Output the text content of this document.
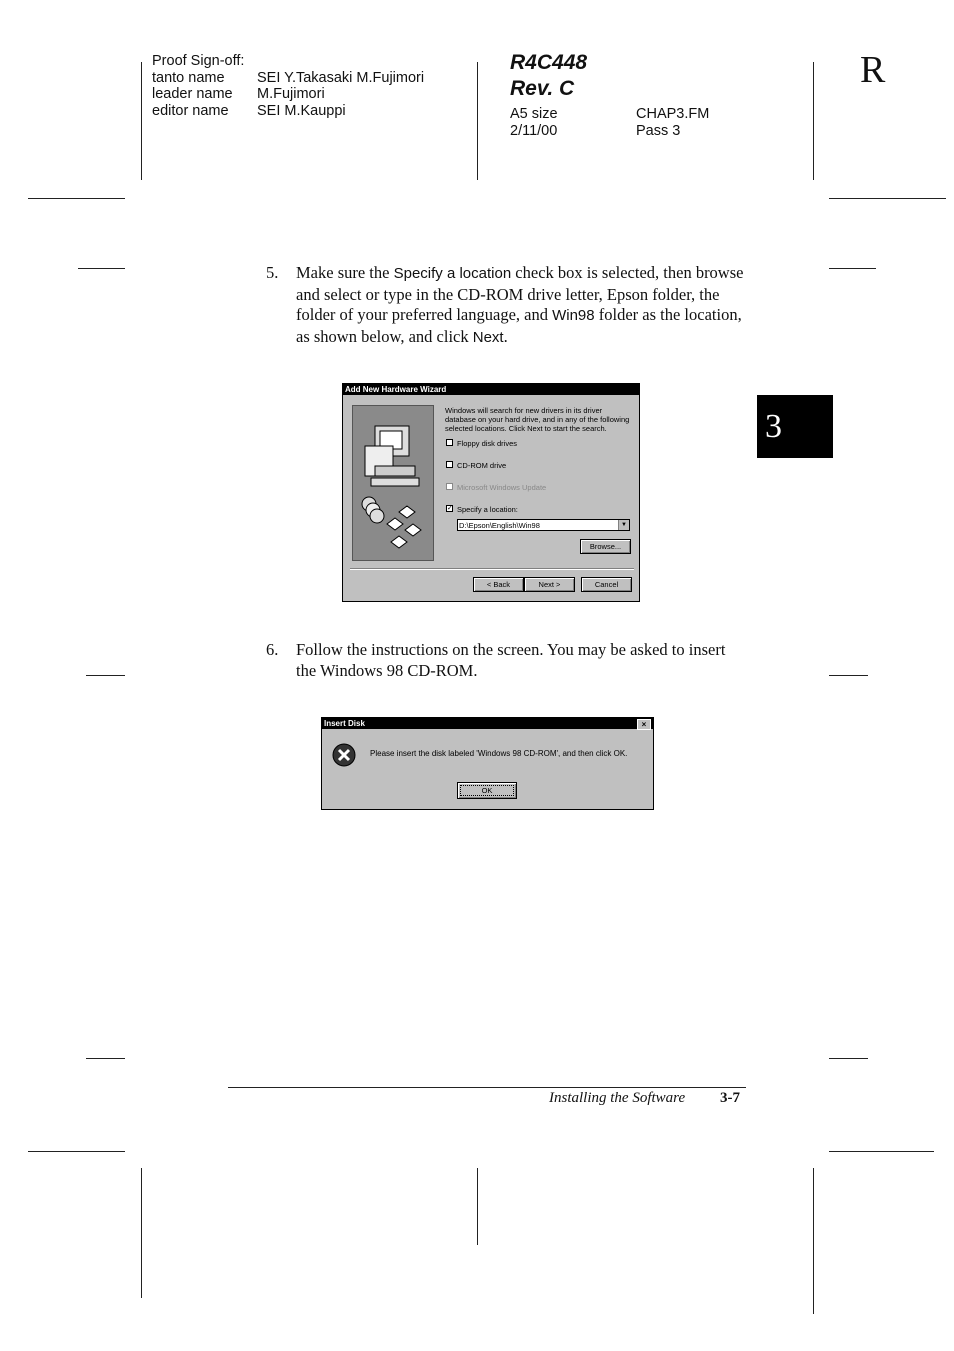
Proof Sign-off:
tanto name	SEI Y.Takasaki M.Fujimori
leader name	M.Fujimori
editor name	SEI M.Kauppi
R4C448
Rev. C
A5 size	CHAP3.FM
2/11/00	Pass 3
R
3
5.	Make sure the Specify a location check box is selected, then browse and select or type in the CD-ROM drive letter, Epson folder, the folder of your preferred language, and Win98 folder as the location, as shown below, and click Next.
Add New Hardware Wizard
Windows will search for new drivers in its driver database on your hard drive, and in any of the following selected locations. Click Next to start the search.
Floppy disk drives
CD-ROM drive
Microsoft Windows Update
✓ Specify a location:
D:\Epson\English\Win98	▼
Browse...
< Back	Next >	Cancel
6.	Follow the instructions on the screen. You may be asked to insert the Windows 98 CD-ROM.
Insert Disk	×
Please insert the disk labeled 'Windows 98 CD-ROM', and then click OK.
OK
Installing the Software 3-7
